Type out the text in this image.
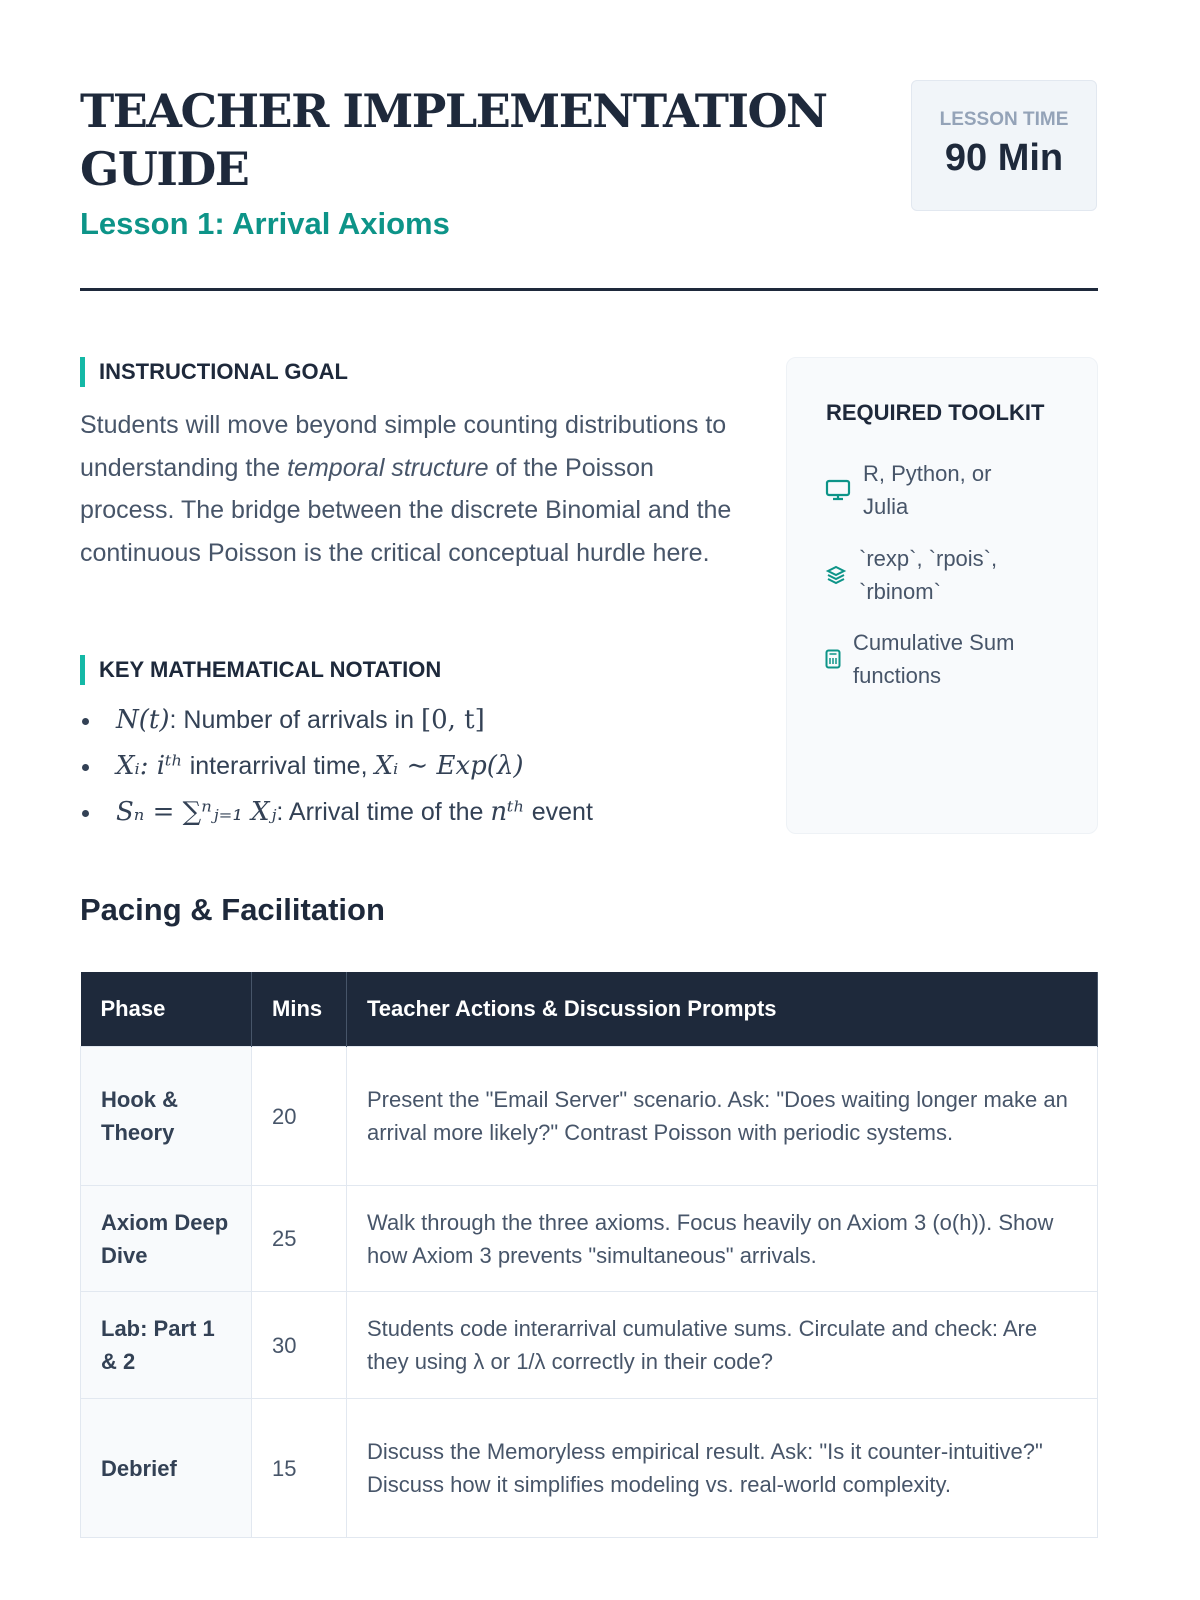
TEACHER IMPLEMENTATION GUIDE
Lesson 1: Arrival Axioms
LESSON TIME
90 Min
INSTRUCTIONAL GOAL
Students will move beyond simple counting distributions to understanding the temporal structure of the Poisson process. The bridge between the discrete Binomial and the continuous Poisson is the critical conceptual hurdle here.
KEY MATHEMATICAL NOTATION
N(t): Number of arrivals in [0, t]
Xᵢ: iᵗʰ interarrival time, Xᵢ ∼ Exp(λ)
Sₙ = ∑ⁿⱼ₌₁ Xⱼ: Arrival time of the nᵗʰ event
REQUIRED TOOLKIT
R, Python, or
Julia
`rexp`, `rpois`,
`rbinom`
Cumulative Sum
functions
Pacing & Facilitation
Phase	Mins	Teacher Actions & Discussion Prompts
Hook & Theory	20	Present the "Email Server" scenario. Ask: "Does waiting longer make an arrival more likely?" Contrast Poisson with periodic systems.
Axiom Deep Dive	25	Walk through the three axioms. Focus heavily on Axiom 3 (o(h)). Show how Axiom 3 prevents "simultaneous" arrivals.
Lab: Part 1 & 2	30	Students code interarrival cumulative sums. Circulate and check: Are they using λ or 1/λ correctly in their code?
Debrief	15	Discuss the Memoryless empirical result. Ask: "Is it counter-intuitive?" Discuss how it simplifies modeling vs. real-world complexity.
